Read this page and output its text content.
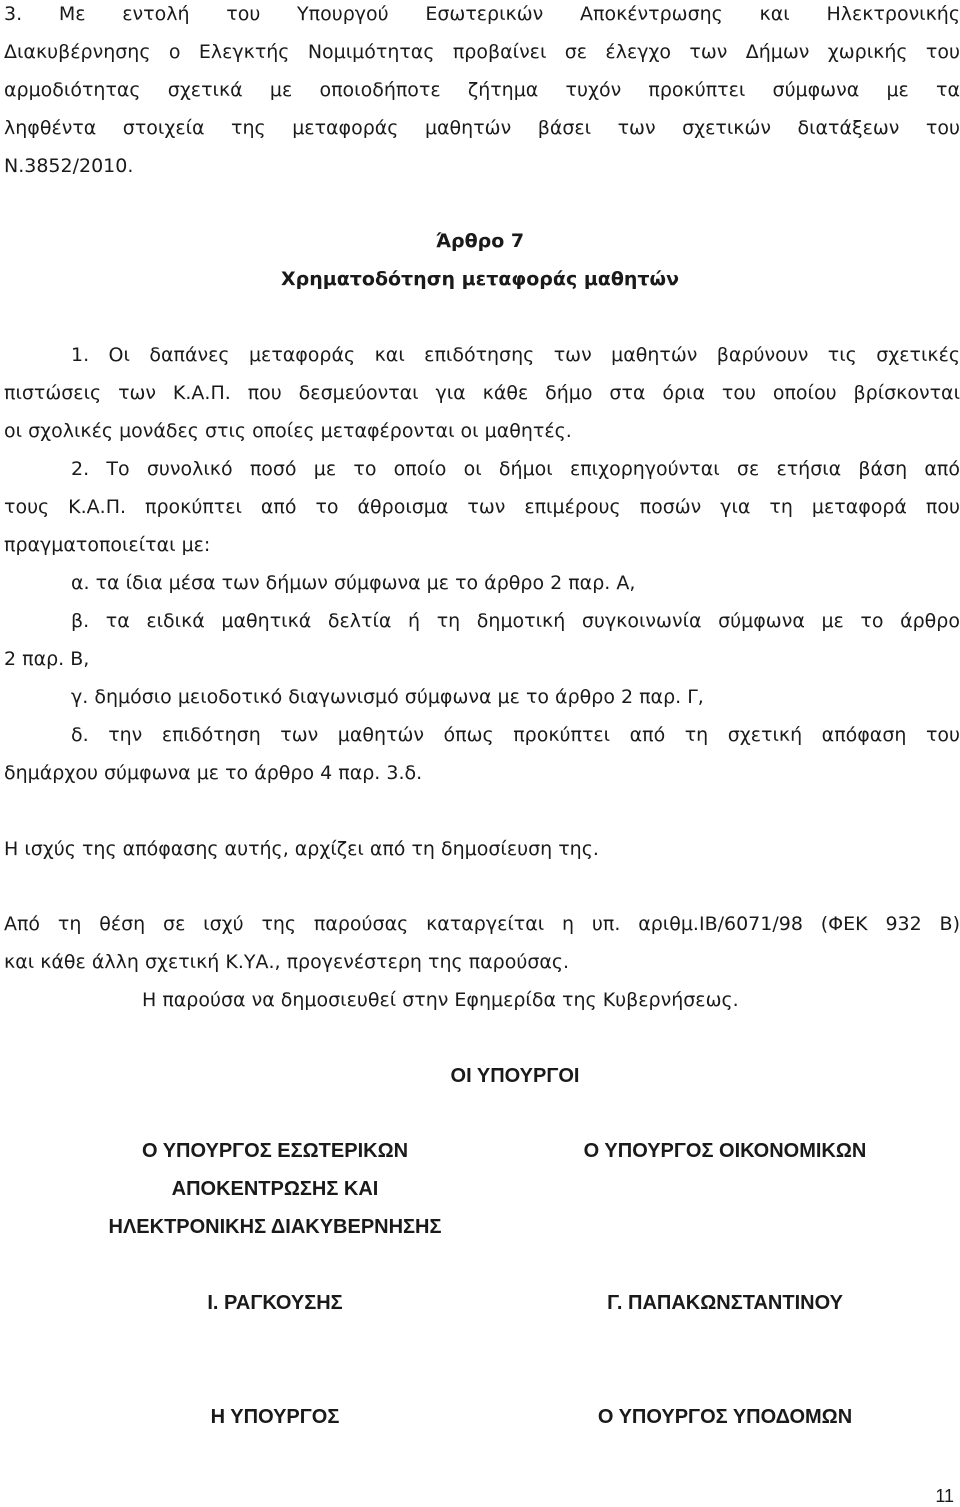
3. Με εντολή του Υπουργού Εσωτερικών Αποκέντρωσης και Ηλεκτρονικής
Διακυβέρνησης ο Ελεγκτής Νομιμότητας προβαίνει σε έλεγχο των Δήμων χωρικής του
αρμοδιότητας σχετικά με οποιοδήποτε ζήτημα τυχόν προκύπτει σύμφωνα με τα
ληφθέντα στοιχεία της μεταφοράς μαθητών βάσει των σχετικών διατάξεων του
Ν.3852/2010.
Άρθρο 7
Χρηματοδότηση μεταφοράς μαθητών
1. Οι δαπάνες μεταφοράς και επιδότησης των μαθητών βαρύνουν τις σχετικές
πιστώσεις των Κ.Α.Π. που δεσμεύονται για κάθε δήμο στα όρια του οποίου βρίσκονται
οι σχολικές μονάδες στις οποίες μεταφέρονται οι μαθητές.
2. Το συνολικό ποσό με το οποίο οι δήμοι επιχορηγούνται σε ετήσια βάση από
τους Κ.Α.Π. προκύπτει από το άθροισμα των επιμέρους ποσών για τη μεταφορά που
πραγματοποιείται με:
α. τα ίδια μέσα των δήμων σύμφωνα με το άρθρο 2 παρ. Α,
β. τα ειδικά μαθητικά δελτία ή τη δημοτική συγκοινωνία σύμφωνα με το άρθρο
2 παρ. Β,
γ. δημόσιο μειοδοτικό διαγωνισμό σύμφωνα με το άρθρο 2 παρ. Γ,
δ. την επιδότηση των μαθητών όπως προκύπτει από τη σχετική απόφαση του
δημάρχου σύμφωνα με το άρθρο 4 παρ. 3.δ.
Η ισχύς της απόφασης αυτής, αρχίζει από τη δημοσίευση της.
Από τη θέση σε ισχύ της παρούσας καταργείται η υπ. αριθμ.ΙΒ/6071/98 (ΦΕΚ 932 Β)
και κάθε άλλη σχετική Κ.ΥΑ., προγενέστερη της παρούσας.
Η παρούσα να δημοσιευθεί στην Εφημερίδα της Κυβερνήσεως.
ΟΙ ΥΠΟΥΡΓΟΙ
Ο ΥΠΟΥΡΓΟΣ ΕΣΩΤΕΡΙΚΩΝ
ΑΠΟΚΕΝΤΡΩΣΗΣ ΚΑΙ
ΗΛΕΚΤΡΟΝΙΚΗΣ ΔΙΑΚΥΒΕΡΝΗΣΗΣ
Ο ΥΠΟΥΡΓΟΣ ΟΙΚΟΝΟΜΙΚΩΝ
Ι. ΡΑΓΚΟΥΣΗΣ	Γ. ΠΑΠΑΚΩΝΣΤΑΝΤΙΝΟΥ
Η ΥΠΟΥΡΓΟΣ	Ο ΥΠΟΥΡΓΟΣ ΥΠΟΔΟΜΩΝ
11
